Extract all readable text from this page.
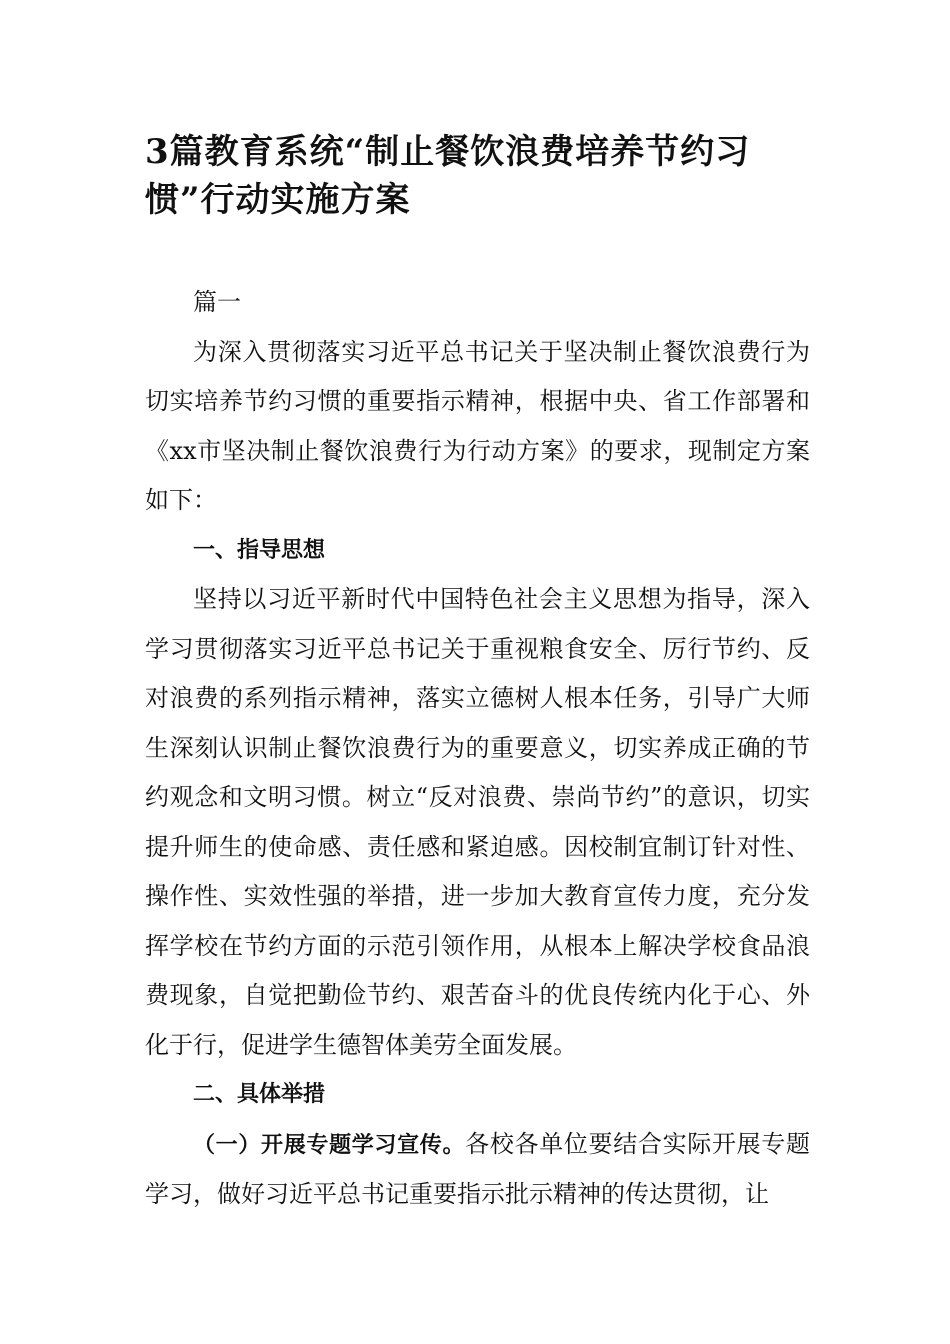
3篇教育系统“制止餐饮浪费培养节约习惯”行动实施方案

篇一

为深入贯彻落实习近平总书记关于坚决制止餐饮浪费行为切实培养节约习惯的重要指示精神，根据中央、省工作部署和《xx市坚决制止餐饮浪费行为行动方案》的要求，现制定方案如下：

一、指导思想

坚持以习近平新时代中国特色社会主义思想为指导，深入学习贯彻落实习近平总书记关于重视粮食安全、厉行节约、反对浪费的系列指示精神，落实立德树人根本任务，引导广大师生深刻认识制止餐饮浪费行为的重要意义，切实养成正确的节约观念和文明习惯。树立“反对浪费、崇尚节约”的意识，切实提升师生的使命感、责任感和紧迫感。因校制宜制订针对性、操作性、实效性强的举措，进一步加大教育宣传力度，充分发挥学校在节约方面的示范引领作用，从根本上解决学校食品浪费现象，自觉把勤俭节约、艰苦奋斗的优良传统内化于心、外化于行，促进学生德智体美劳全面发展。

二、具体举措

（一）开展专题学习宣传。各校各单位要结合实际开展专题学习，做好习近平总书记重要指示批示精神的传达贯彻，让
